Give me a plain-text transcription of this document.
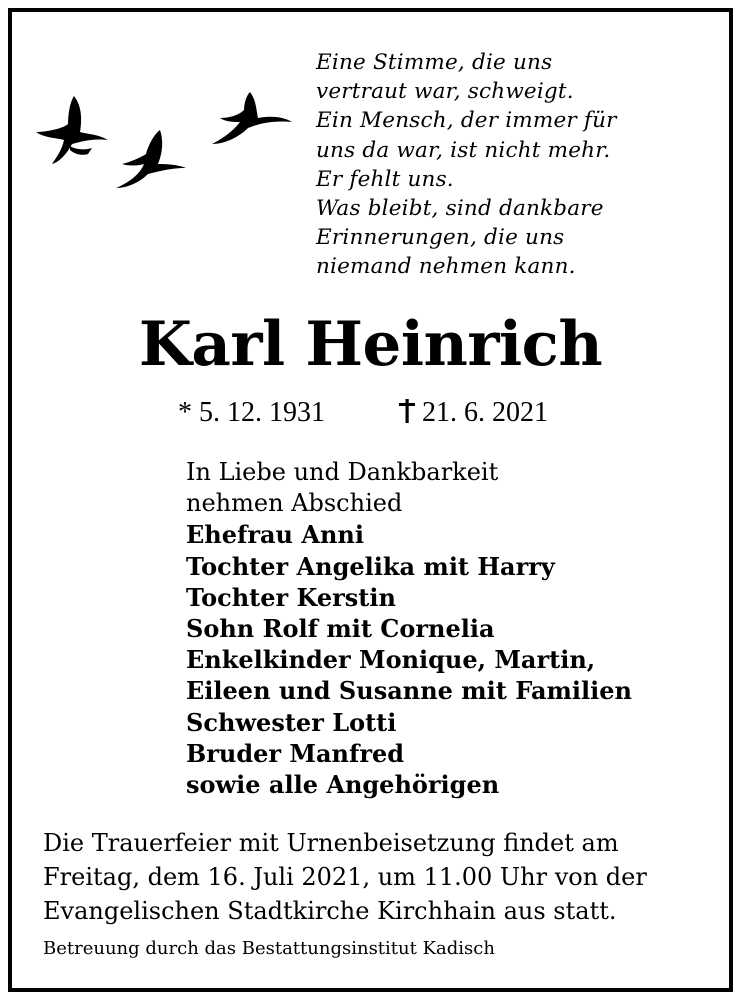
Eine Stimme, die uns
vertraut war, schweigt.
Ein Mensch, der immer für
uns da war, ist nicht mehr.
Er fehlt uns.
Was bleibt, sind dankbare
Erinnerungen, die uns
niemand nehmen kann.
Karl Heinrich
* 5. 12. 1931	21. 6. 2021
In Liebe und Dankbarkeit
nehmen Abschied
Ehefrau Anni
Tochter Angelika mit Harry
Tochter Kerstin
Sohn Rolf mit Cornelia
Enkelkinder Monique, Martin,
Eileen und Susanne mit Familien
Schwester Lotti
Bruder Manfred
sowie alle Angehörigen
Die Trauerfeier mit Urnenbeisetzung findet am
Freitag, dem 16. Juli 2021, um 11.00 Uhr von der
Evangelischen Stadtkirche Kirchhain aus statt.
Betreuung durch das Bestattungsinstitut Kadisch
